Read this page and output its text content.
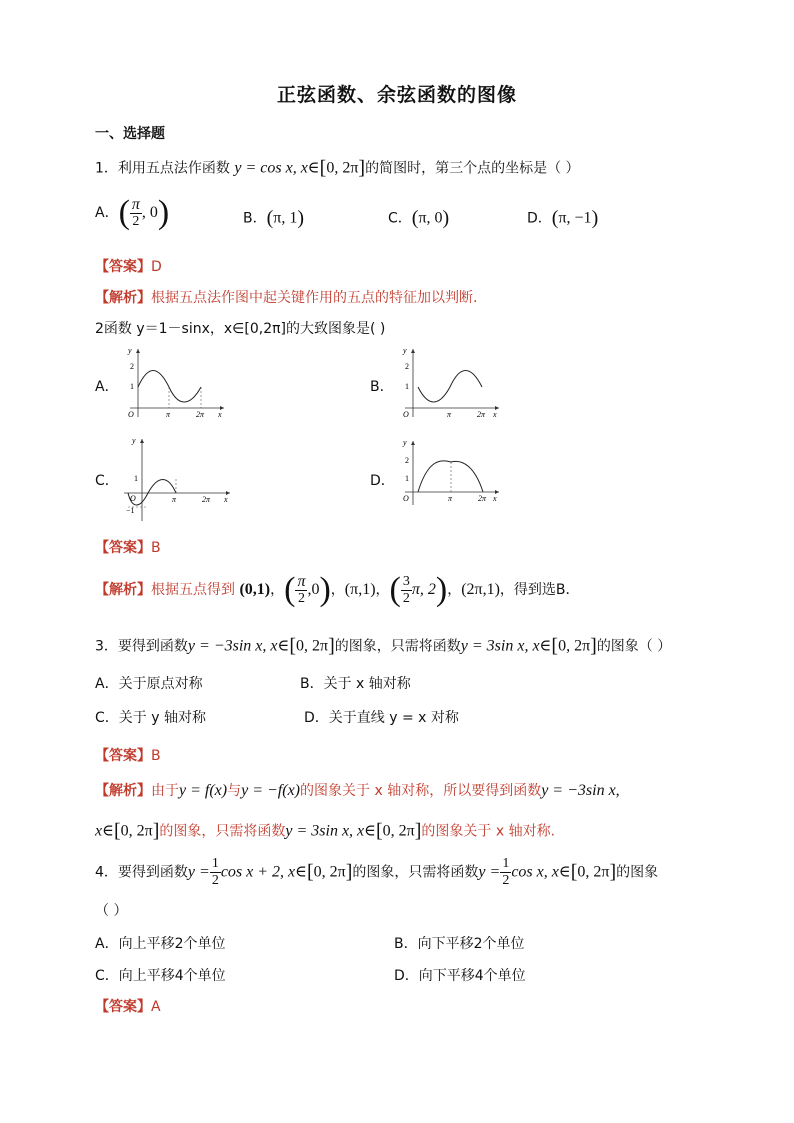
正弦函数、余弦函数的图像
一、选择题
1．利用五点法作函数 y = cos x, x∈[0, 2π]的简图时，第三个点的坐标是（ ）
A．( $\frac{\pi}{2}$ , 0)	B．(π, 1)	C．(π, 0)	D．(π, −1)
【答案】D
【解析】根据五点法作图中起关键作用的五点的特征加以判断.
2函数 y＝1－sinx，x∈[0,2π]的大致图象是( )
A．	B．
C．	D．
y
2
1
O	π	2π x
y
2
1
O	π	2π x
y
1
O
−1
π	2π x
y
2
1
O	π	2π x
【答案】B
【解析】根据五点得到 (0,1)，( $\frac{\pi}{2} ,0$)，(π,1)，( $\frac{3}{2} \pi$, 2)，(2π,1)，得到选B．
3．要得到函数y = −3sin x, x∈[0, 2π]的图象，只需将函数y = 3sin x, x∈[0, 2π]的图象（ ）
A．关于原点对称	B．关于 x 轴对称
C．关于 y 轴对称	D．关于直线 y = x 对称
【答案】B
【解析】由于y = f(x)与y = −f(x)的图象关于 x 轴对称，所以要得到函数y = −3sin x,
x∈[0, 2π]的图象，只需将函数y = 3sin x, x∈[0, 2π]的图象关于 x 轴对称.
4．要得到函数$y = \frac{1}{2}$ cos x + 2, x∈[0, 2π]的图象，只需将函数$y = \frac{1}{2}$ cos x, x∈[0, 2π]的图象
（ ）
A．向上平移2个单位	B．向下平移2个单位
C．向上平移4个单位	D．向下平移4个单位
【答案】A
